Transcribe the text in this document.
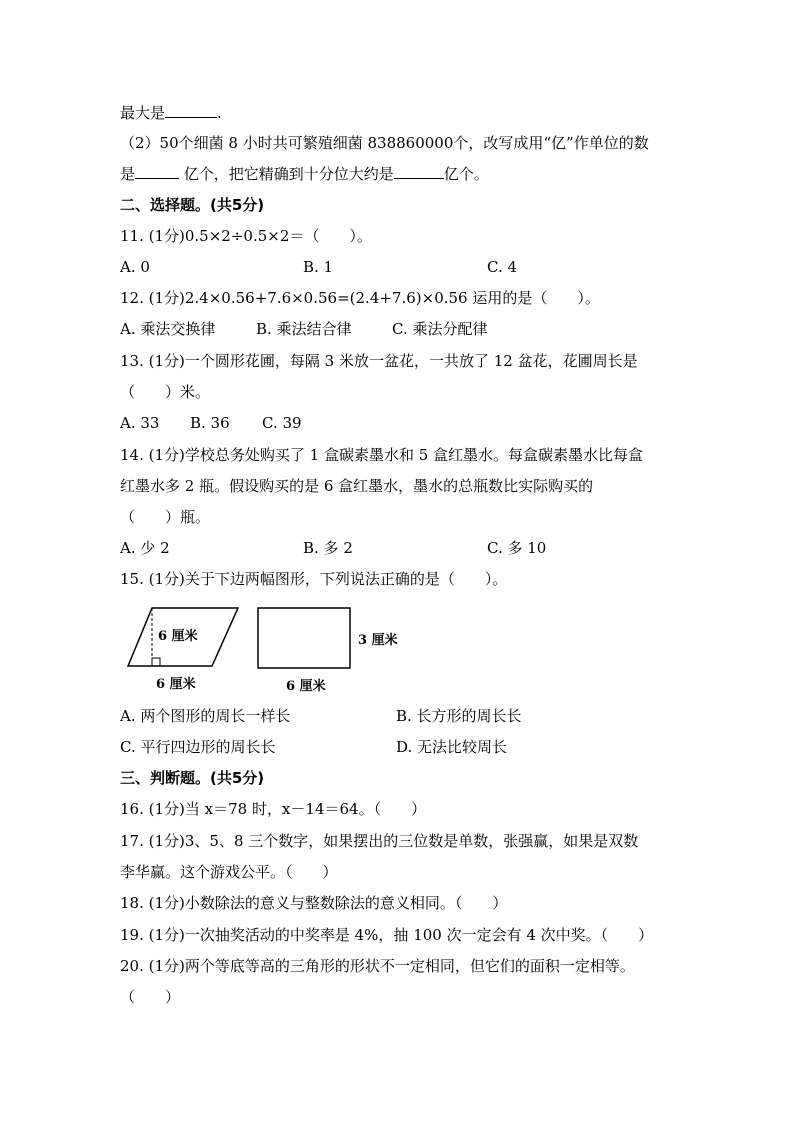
最大是	.
（2）50个细菌 8 小时共可繁殖细菌 838860000个，改写成用“亿”作单位的数
是	亿个，把它精确到十分位大约是	亿个。
二、选择题。(共5分)
11. (1分)0.5×2÷0.5×2＝（　　）。
A. 0	B. 1	C. 4
12. (1分)2.4×0.56+7.6×0.56=(2.4+7.6)×0.56 运用的是（　　）。
A. 乘法交换律	B. 乘法结合律	C. 乘法分配律
13. (1分)一个圆形花圃，每隔 3 米放一盆花，一共放了 12 盆花，花圃周长是
（　　）米。
A. 33 B. 36 C. 39
14. (1分)学校总务处购买了 1 盒碳素墨水和 5 盒红墨水。每盒碳素墨水比每盒
红墨水多 2 瓶。假设购买的是 6 盒红墨水，墨水的总瓶数比实际购买的
（　　）瓶。
A. 少 2	B. 多 2	C. 多 10
15. (1分)关于下边两幅图形，下列说法正确的是（　　）。
6 厘米
6 厘米
3 厘米
6 厘米
A. 两个图形的周长一样长	B. 长方形的周长长
C. 平行四边形的周长长	D. 无法比较周长
三、判断题。(共5分)
16. (1分)当 x＝78 时，x－14＝64。（　　）
17. (1分)3、5、8 三个数字，如果摆出的三位数是单数，张强赢，如果是双数
李华赢。这个游戏公平。（　　）
18. (1分)小数除法的意义与整数除法的意义相同。（　　）
19. (1分)一次抽奖活动的中奖率是 4%，抽 100 次一定会有 4 次中奖。（　　）
20. (1分)两个等底等高的三角形的形状不一定相同，但它们的面积一定相等。
（　　）
